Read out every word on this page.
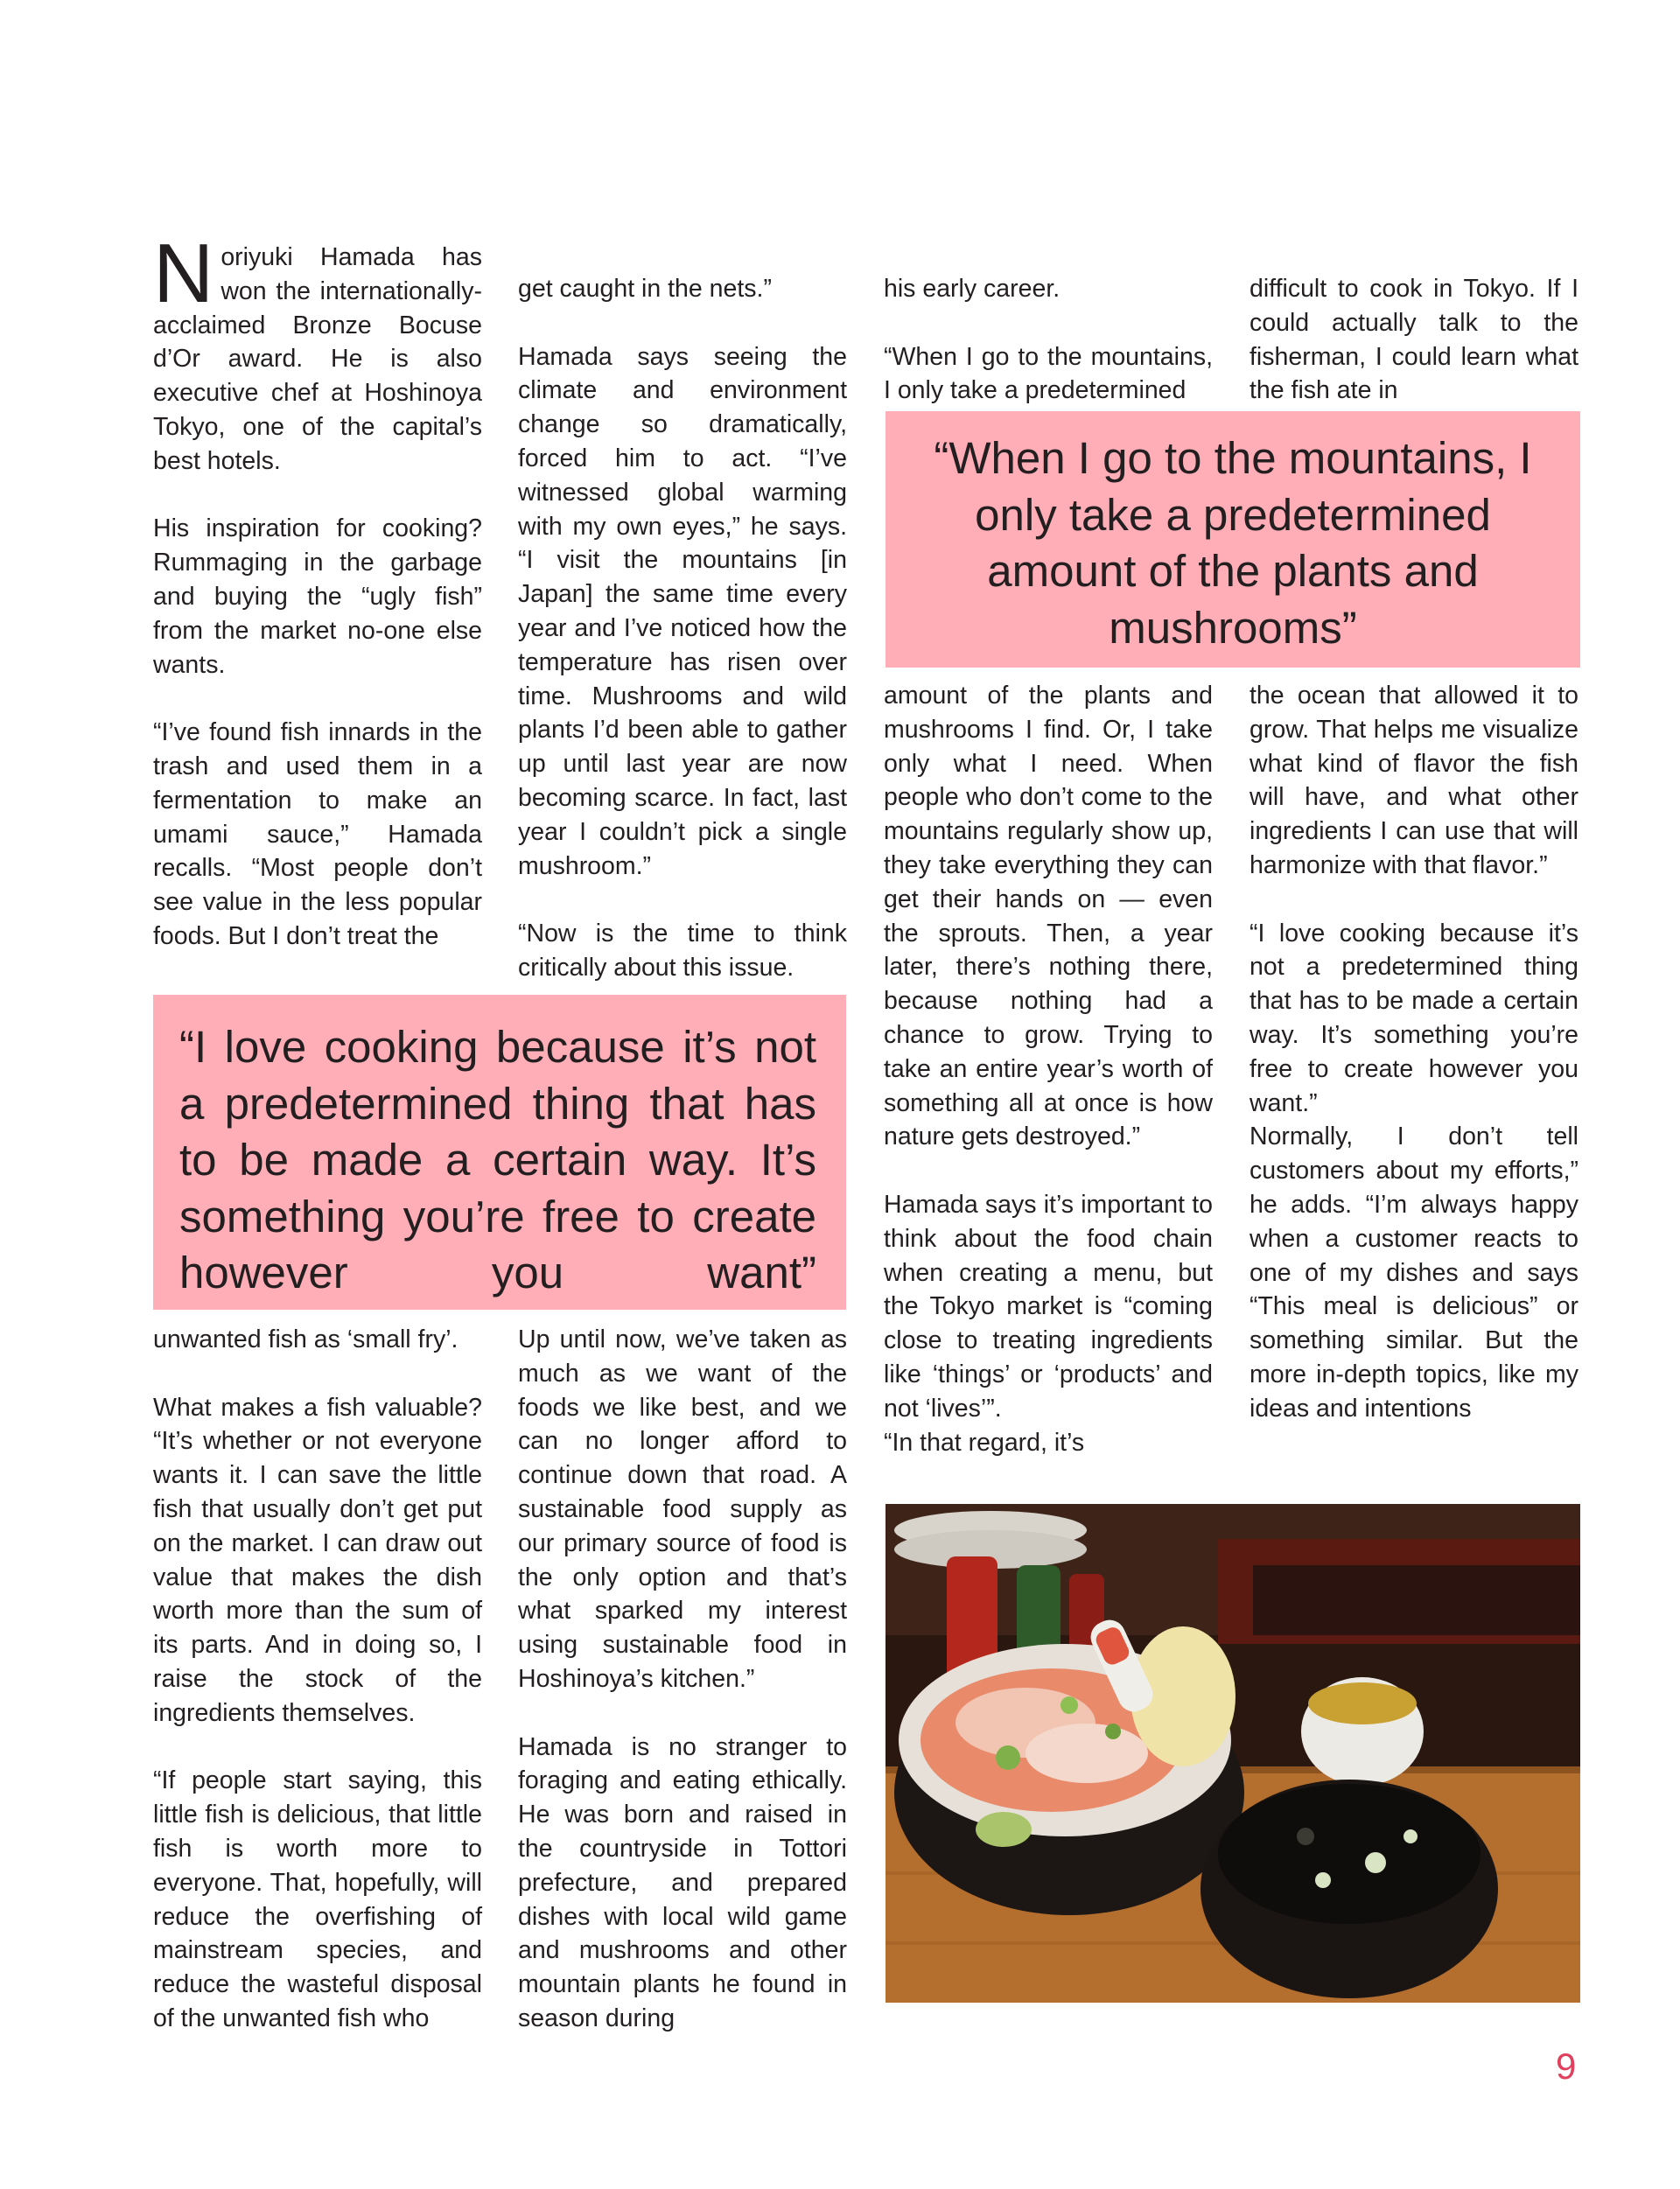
Noriyuki Hamada has won the internationally-acclaimed Bronze Bocuse d’Or award. He is also executive chef at Hoshinoya Tokyo, one of the capital’s best hotels.

His inspiration for cooking? Rummaging in the garbage and buying the “ugly fish” from the market no-one else wants.

“I’ve found fish innards in the trash and used them in a fermentation to make an umami sauce,” Hamada recalls. “Most people don’t see value in the less popular foods. But I don’t treat the

get caught in the nets.”

Hamada says seeing the climate and environment change so dramatically, forced him to act. “I’ve witnessed global warming with my own eyes,” he says. “I visit the mountains [in Japan] the same time every year and I’ve noticed how the temperature has risen over time. Mushrooms and wild plants I’d been able to gather up until last year are now becoming scarce. In fact, last year I couldn’t pick a single mushroom.”

“Now is the time to think critically about this issue.

his early career.

“When I go to the mountains, I only take a predetermined

difficult to cook in Tokyo. If I could actually talk to the fisherman, I could learn what the fish ate in

“When I go to the mountains, I only take a predetermined amount of the plants and mushrooms”

amount of the plants and mushrooms I find. Or, I take only what I need. When people who don’t come to the mountains regularly show up, they take everything they can get their hands on — even the sprouts. Then, a year later, there’s nothing there, because nothing had a chance to grow. Trying to take an entire year’s worth of something all at once is how nature gets destroyed.”

Hamada says it’s important to think about the food chain when creating a menu, but the Tokyo market is “coming close to treating ingredients like ‘things’ or ‘products’ and not ‘lives’”.

“In that regard, it’s

the ocean that allowed it to grow. That helps me visualize what kind of flavor the fish will have, and what other ingredients I can use that will harmonize with that flavor.”

“I love cooking because it’s not a predetermined thing that has to be made a certain way. It’s something you’re free to create however you want.”

Normally, I don’t tell customers about my efforts,” he adds. “I’m always happy when a customer reacts to one of my dishes and says “This meal is delicious” or something similar. But the more in-depth topics, like my ideas and intentions

“I love cooking because it’s not a predetermined thing that has to be made a certain way. It’s something you’re free to create however you want”

unwanted fish as ‘small fry’.

What makes a fish valuable? “It’s whether or not everyone wants it. I can save the little fish that usually don’t get put on the market. I can draw out value that makes the dish worth more than the sum of its parts. And in doing so, I raise the stock of the ingredients themselves.

“If people start saying, this little fish is delicious, that little fish is worth more to everyone. That, hopefully, will reduce the overfishing of mainstream species, and reduce the wasteful disposal of the unwanted fish who

Up until now, we’ve taken as much as we want of the foods we like best, and we can no longer afford to continue down that road. A sustainable food supply as our primary source of food is the only option and that’s what sparked my interest using sustainable food in Hoshinoya’s kitchen.”

Hamada is no stranger to foraging and eating ethically. He was born and raised in the countryside in Tottori prefecture, and prepared dishes with local wild game and mushrooms and other mountain plants he found in season during

9
